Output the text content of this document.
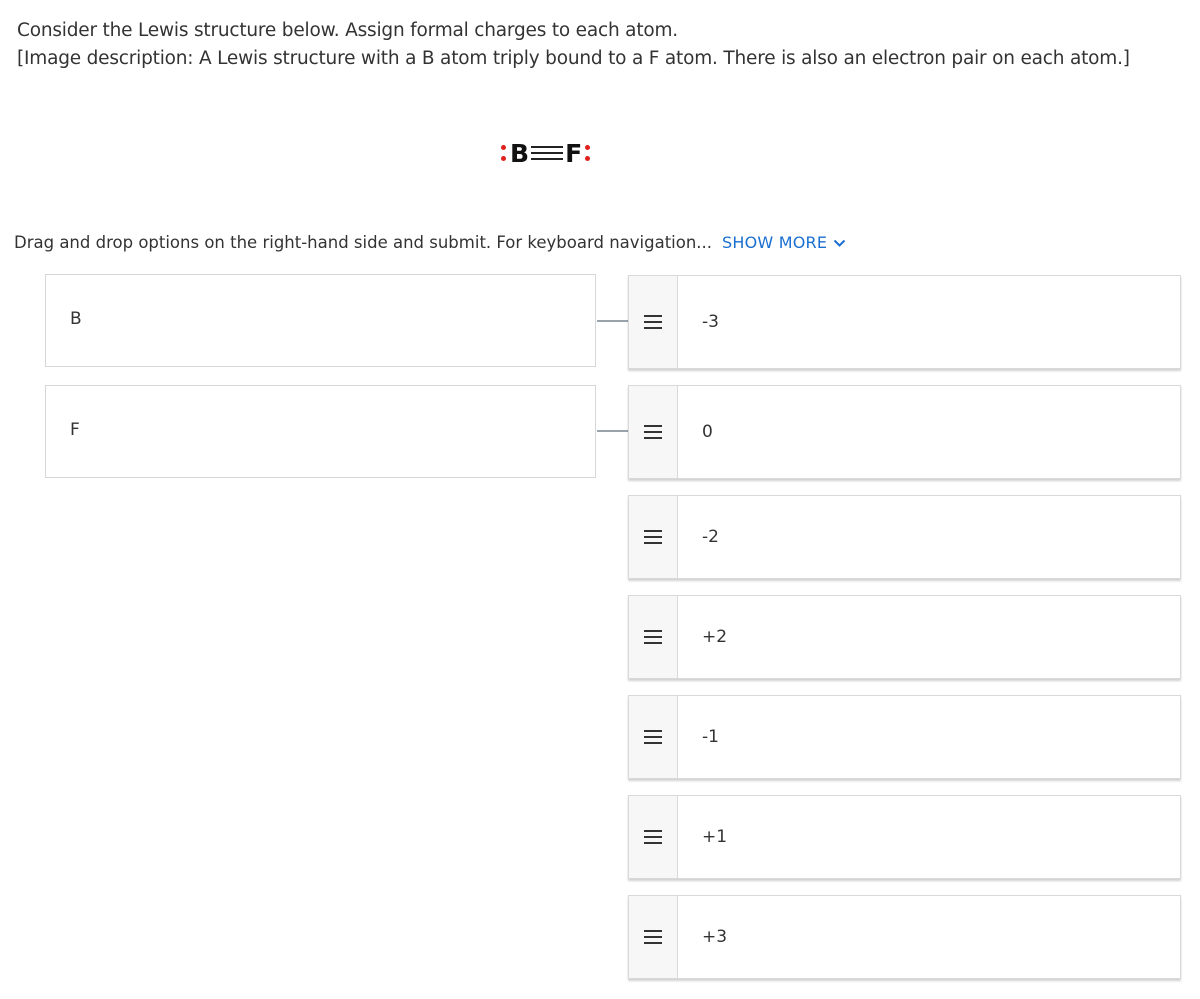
Consider the Lewis structure below. Assign formal charges to each atom.

[Image description: A Lewis structure with a B atom triply bound to a F atom. There is also an electron pair on each atom.]

B F
Drag and drop options on the right-hand side and submit. For keyboard navigation... SHOW MORE
B
F
-3
0
-2
+2
-1
+1
+3
